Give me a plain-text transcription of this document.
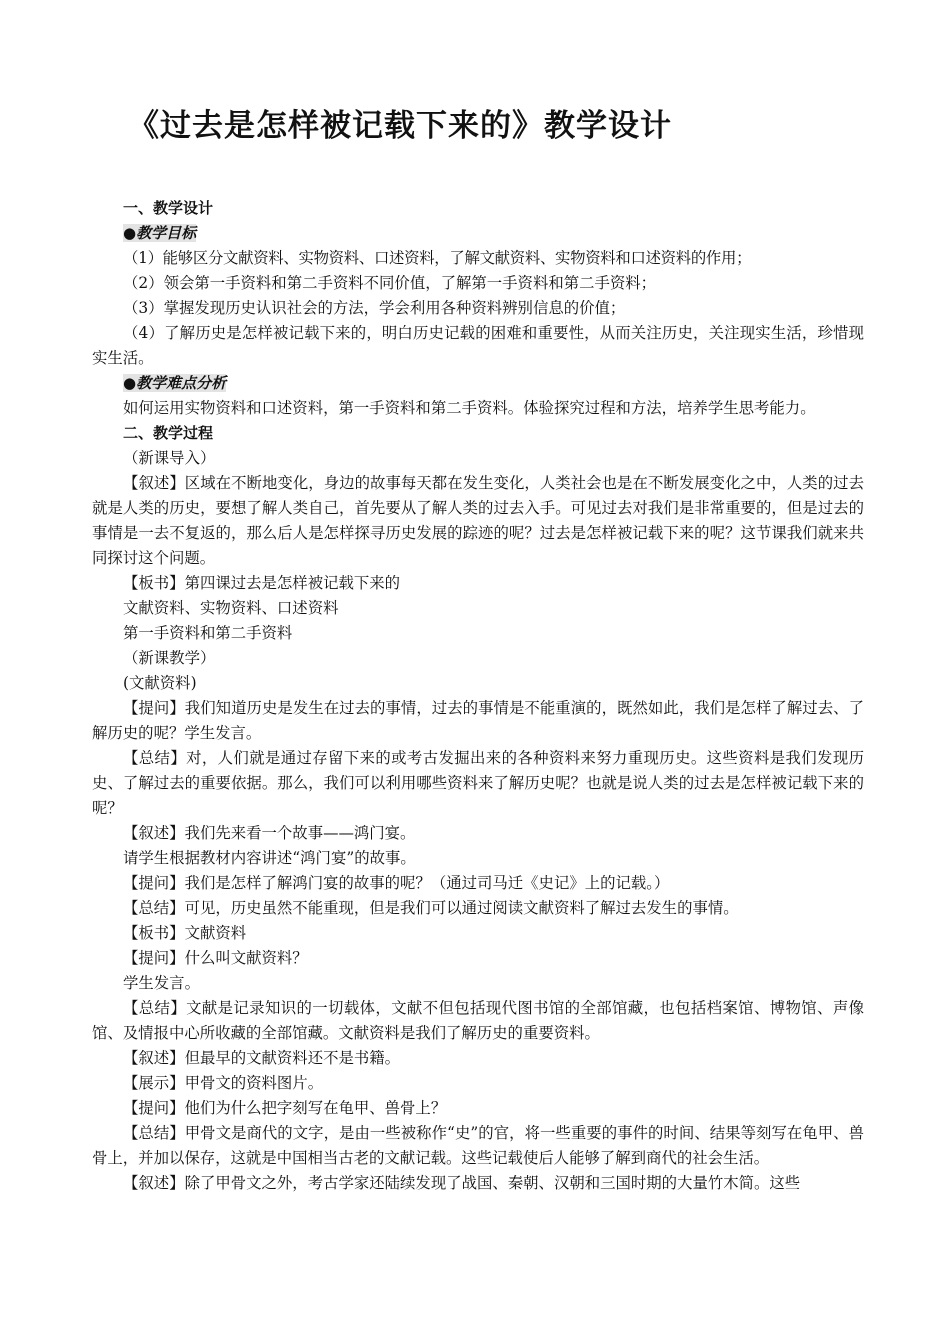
《过去是怎样被记载下来的》教学设计

一、教学设计

●教学目标

（1）能够区分文献资料、实物资料、口述资料，了解文献资料、实物资料和口述资料的作用；

（2）领会第一手资料和第二手资料不同价值，了解第一手资料和第二手资料；

（3）掌握发现历史认识社会的方法，学会利用各种资料辨别信息的价值；

（4）了解历史是怎样被记载下来的，明白历史记载的困难和重要性，从而关注历史，关注现实生活，珍惜现实生活。

●教学难点分析

如何运用实物资料和口述资料，第一手资料和第二手资料。体验探究过程和方法，培养学生思考能力。

二、教学过程

（新课导入）

【叙述】区域在不断地变化，身边的故事每天都在发生变化，人类社会也是在不断发展变化之中，人类的过去就是人类的历史，要想了解人类自己，首先要从了解人类的过去入手。可见过去对我们是非常重要的，但是过去的事情是一去不复返的，那么后人是怎样探寻历史发展的踪迹的呢？过去是怎样被记载下来的呢？这节课我们就来共同探讨这个问题。

【板书】第四课过去是怎样被记载下来的

文献资料、实物资料、口述资料

第一手资料和第二手资料

（新课教学）

(文献资料)

【提问】我们知道历史是发生在过去的事情，过去的事情是不能重演的，既然如此，我们是怎样了解过去、了解历史的呢？学生发言。

【总结】对，人们就是通过存留下来的或考古发掘出来的各种资料来努力重现历史。这些资料是我们发现历史、了解过去的重要依据。那么，我们可以利用哪些资料来了解历史呢？也就是说人类的过去是怎样被记载下来的呢？

【叙述】我们先来看一个故事——鸿门宴。

请学生根据教材内容讲述“鸿门宴”的故事。

【提问】我们是怎样了解鸿门宴的故事的呢？（通过司马迁《史记》上的记载。）

【总结】可见，历史虽然不能重现，但是我们可以通过阅读文献资料了解过去发生的事情。

【板书】文献资料

【提问】什么叫文献资料？

学生发言。

【总结】文献是记录知识的一切载体，文献不但包括现代图书馆的全部馆藏，也包括档案馆、博物馆、声像馆、及情报中心所收藏的全部馆藏。文献资料是我们了解历史的重要资料。

【叙述】但最早的文献资料还不是书籍。

【展示】甲骨文的资料图片。

【提问】他们为什么把字刻写在龟甲、兽骨上？

【总结】甲骨文是商代的文字，是由一些被称作“史”的官，将一些重要的事件的时间、结果等刻写在龟甲、兽骨上，并加以保存，这就是中国相当古老的文献记载。这些记载使后人能够了解到商代的社会生活。

【叙述】除了甲骨文之外，考古学家还陆续发现了战国、秦朝、汉朝和三国时期的大量竹木简。这些
